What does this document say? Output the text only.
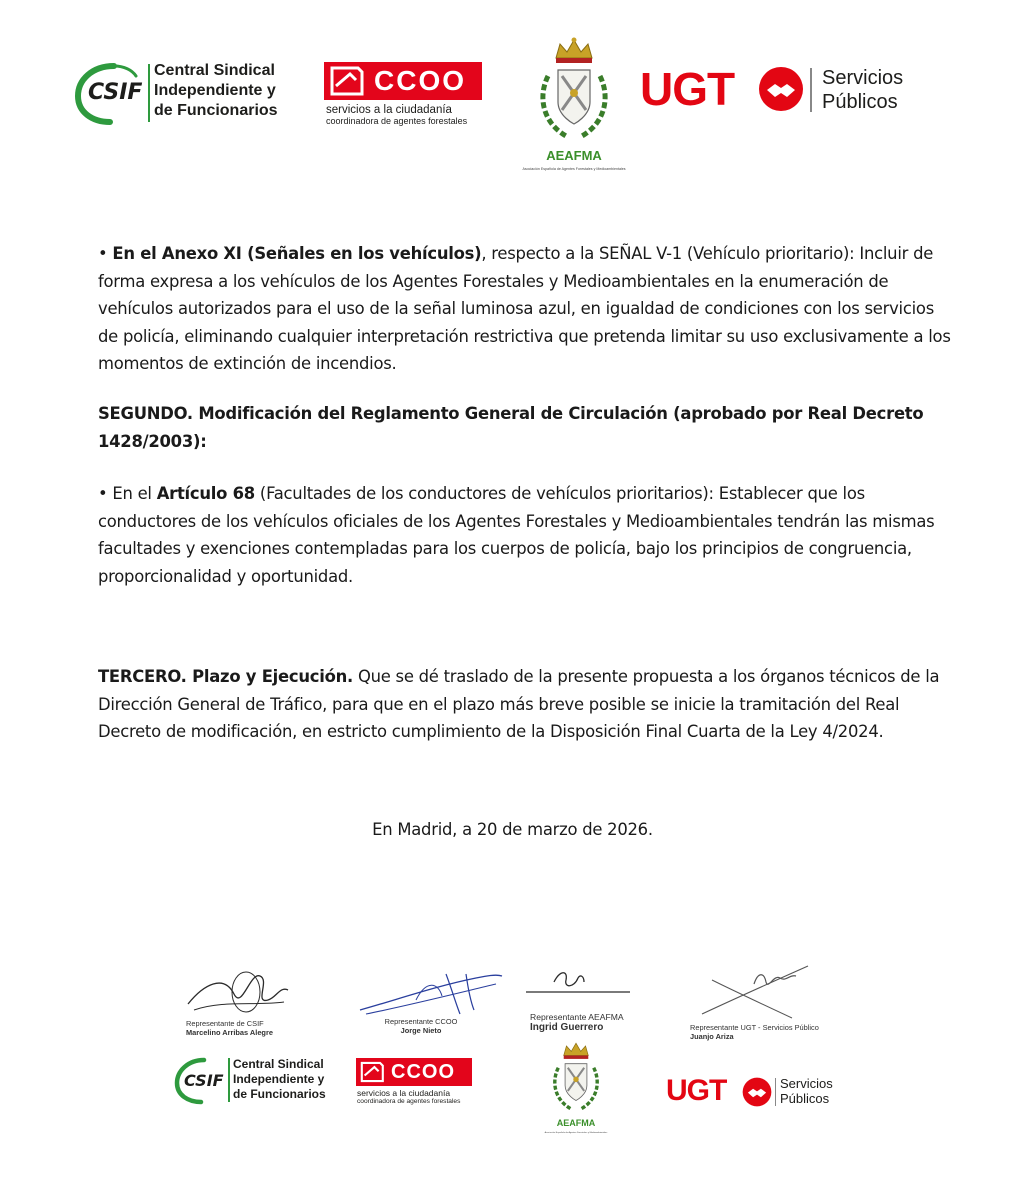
CSIF
Central Sindical
Independiente y
de Funcionarios
CCOO
servicios a la ciudadanía
coordinadora de agentes forestales
AEAFMA
Asociación Española de Agentes Forestales y Medioambientales
UGT	Servicios
Públicos

• En el Anexo XI (Señales en los vehículos), respecto a la SEÑAL V-1 (Vehículo prioritario): Incluir de forma expresa a los vehículos de los Agentes Forestales y Medioambientales en la enumeración de vehículos autorizados para el uso de la señal luminosa azul, en igualdad de condiciones con los servicios de policía, eliminando cualquier interpretación restrictiva que pretenda limitar su uso exclusivamente a los momentos de extinción de incendios.

SEGUNDO. Modificación del Reglamento General de Circulación (aprobado por Real Decreto 1428/2003):

• En el Artículo 68 (Facultades de los conductores de vehículos prioritarios): Establecer que los conductores de los vehículos oficiales de los Agentes Forestales y Medioambientales tendrán las mismas facultades y exenciones contempladas para los cuerpos de policía, bajo los principios de congruencia, proporcionalidad y oportunidad.

TERCERO. Plazo y Ejecución. Que se dé traslado de la presente propuesta a los órganos técnicos de la Dirección General de Tráfico, para que en el plazo más breve posible se inicie la tramitación del Real Decreto de modificación, en estricto cumplimiento de la Disposición Final Cuarta de la Ley 4/2024.

En Madrid, a 20 de marzo de 2026.
Representante de CSIF
Marcelino Arribas Alegre
Representante CCOO
Jorge Nieto
Representante AEAFMA
Ingrid Guerrero	Representante UGT - Servicios Público
Juanjo Ariza
CSIF
Central Sindical
Independiente y
de Funcionarios
CCOO
servicios a la ciudadanía
coordinadora de agentes forestales
AEAFMA
Asociación Española de Agentes Forestales y Medioambientales
UGT	Servicios
Públicos
